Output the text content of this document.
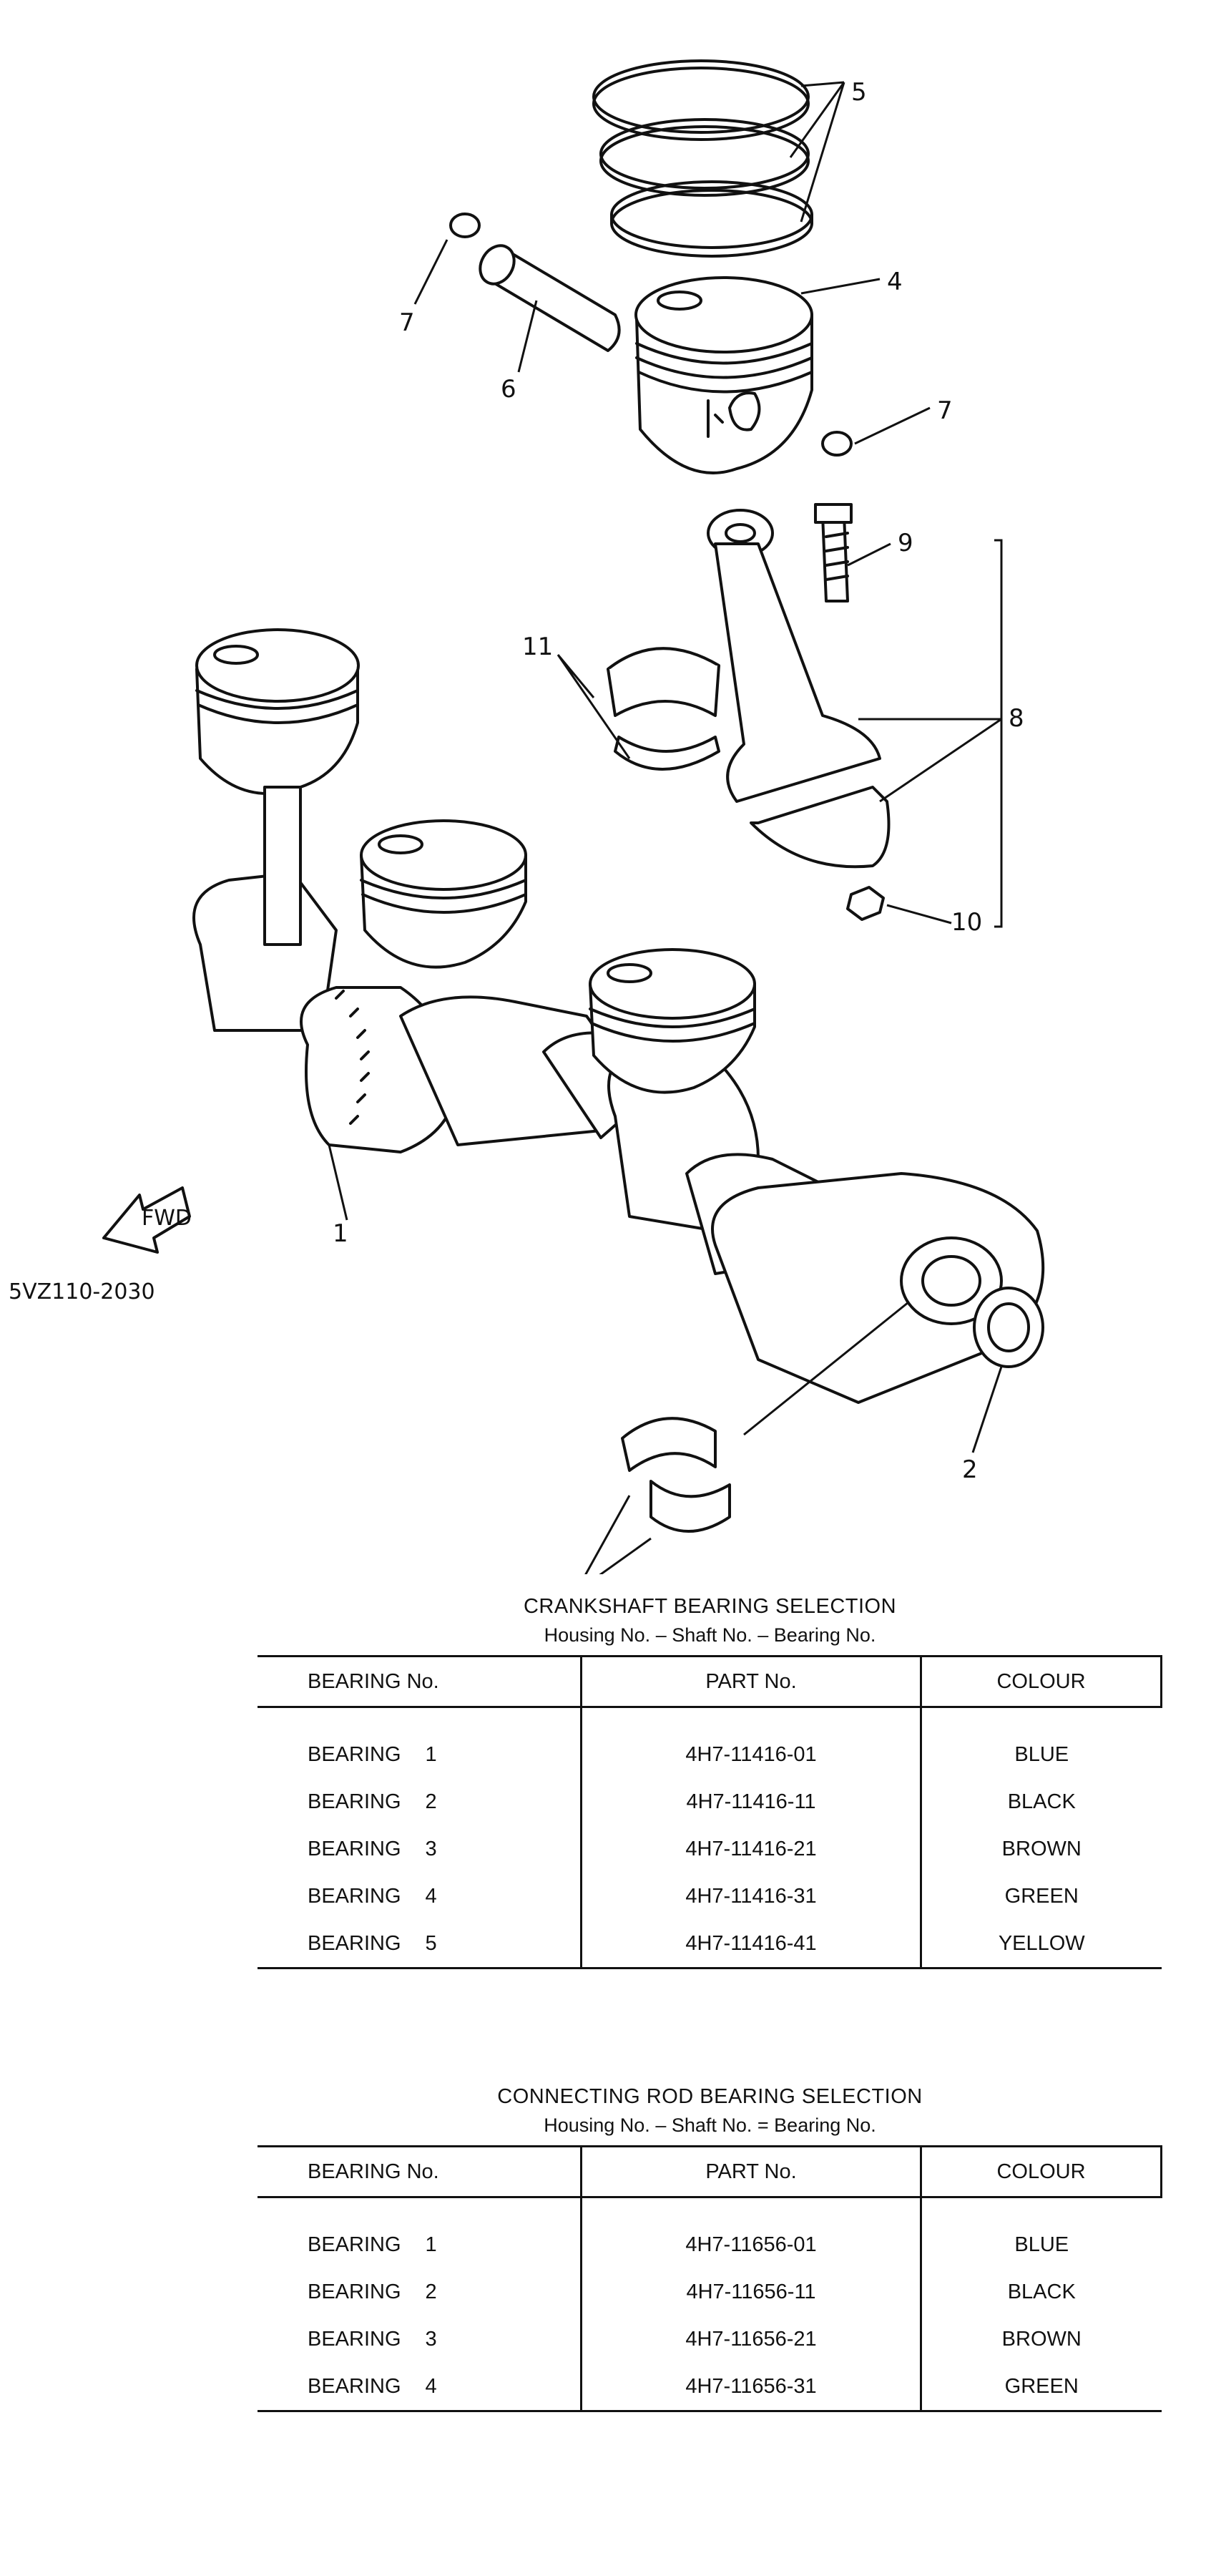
FWD
5
4
7
6
7
9
8
10
11
1
2
5VZ110-2030

CRANKSHAFT BEARING SELECTION

Housing No. – Shaft No. – Bearing No.

BEARING No.	PART No.	COLOUR

BEARING 1	4H7-11416-01	BLUE
BEARING 2	4H7-11416-11	BLACK
BEARING 3	4H7-11416-21	BROWN
BEARING 4	4H7-11416-31	GREEN
BEARING 5	4H7-11416-41	YELLOW

CONNECTING ROD BEARING SELECTION

Housing No. – Shaft No. = Bearing No.

BEARING No.	PART No.	COLOUR

BEARING 1	4H7-11656-01	BLUE
BEARING 2	4H7-11656-11	BLACK
BEARING 3	4H7-11656-21	BROWN
BEARING 4	4H7-11656-31	GREEN
